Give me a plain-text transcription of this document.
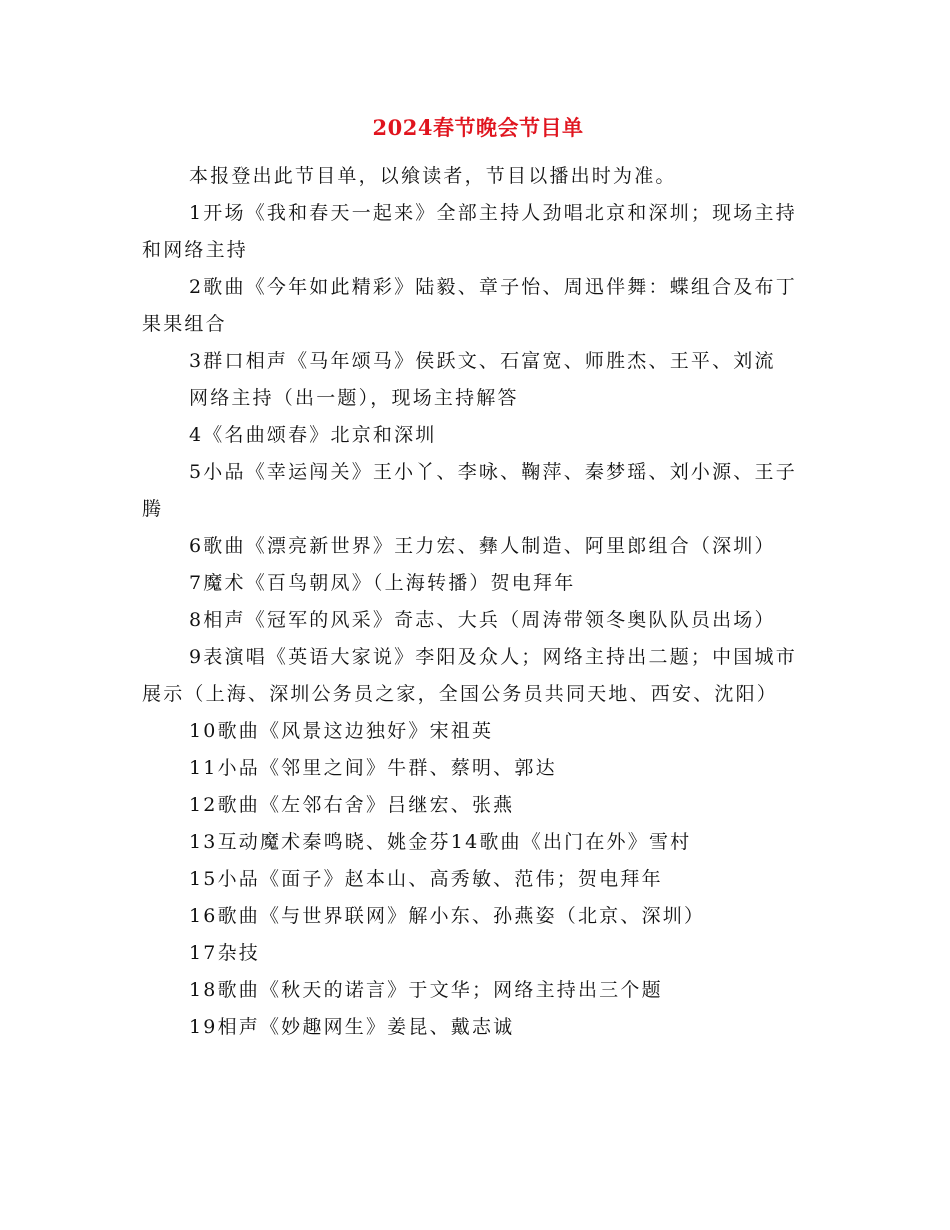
2024春节晚会节目单

本报登出此节目单，以飨读者，节目以播出时为准。

1开场《我和春天一起来》全部主持人劲唱北京和深圳；现场主持和网络主持

2歌曲《今年如此精彩》陆毅、章子怡、周迅伴舞：蝶组合及布丁果果组合

3群口相声《马年颂马》侯跃文、石富宽、师胜杰、王平、刘流

网络主持（出一题），现场主持解答

4《名曲颂春》北京和深圳

5小品《幸运闯关》王小丫、李咏、鞠萍、秦梦瑶、刘小源、王子腾

6歌曲《漂亮新世界》王力宏、彝人制造、阿里郎组合（深圳）

7魔术《百鸟朝凤》（上海转播）贺电拜年

8相声《冠军的风采》奇志、大兵（周涛带领冬奥队队员出场）

9表演唱《英语大家说》李阳及众人；网络主持出二题；中国城市展示（上海、深圳公务员之家，全国公务员共同天地、西安、沈阳）

10歌曲《风景这边独好》宋祖英

11小品《邻里之间》牛群、蔡明、郭达

12歌曲《左邻右舍》吕继宏、张燕

13互动魔术秦鸣晓、姚金芬14歌曲《出门在外》雪村

15小品《面子》赵本山、高秀敏、范伟；贺电拜年

16歌曲《与世界联网》解小东、孙燕姿（北京、深圳）

17杂技

18歌曲《秋天的诺言》于文华；网络主持出三个题

19相声《妙趣网生》姜昆、戴志诚
